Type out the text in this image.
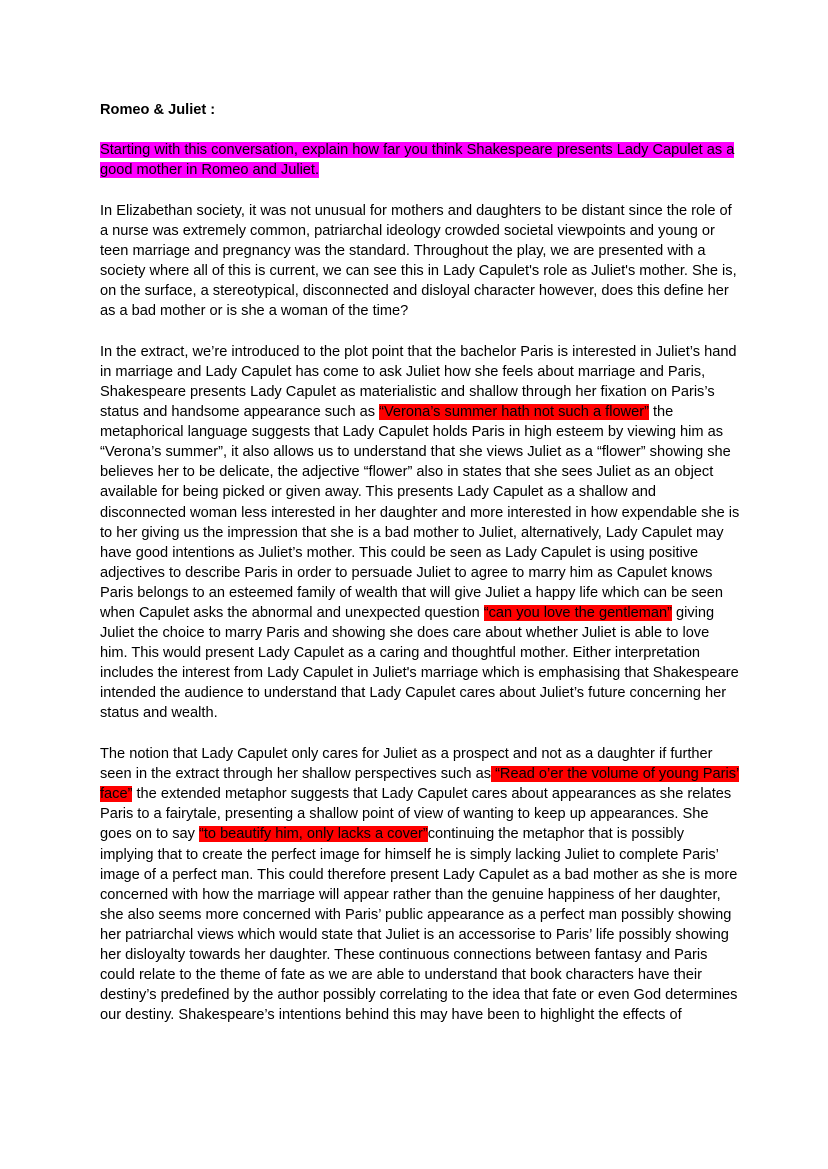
Romeo & Juliet :
Starting with this conversation, explain how far you think Shakespeare presents Lady Capulet as a good mother in Romeo and Juliet.

In Elizabethan society, it was not unusual for mothers and daughters to be distant since the role of a nurse was extremely common, patriarchal ideology crowded societal viewpoints and young or teen marriage and pregnancy was the standard. Throughout the play, we are presented with a society where all of this is current, we can see this in Lady Capulet's role as Juliet's mother. She is, on the surface, a stereotypical, disconnected and disloyal character however, does this define her as a bad mother or is she a woman of the time?

In the extract, we’re introduced to the plot point that the bachelor Paris is interested in Juliet’s hand in marriage and Lady Capulet has come to ask Juliet how she feels about marriage and Paris, Shakespeare presents Lady Capulet as materialistic and shallow through her fixation on Paris’s status and handsome appearance such as “Verona’s summer hath not such a flower” the metaphorical language suggests that Lady Capulet holds Paris in high esteem by viewing him as “Verona’s summer”, it also allows us to understand that she views Juliet as a “flower” showing she believes her to be delicate, the adjective “flower” also in states that she sees Juliet as an object available for being picked or given away. This presents Lady Capulet as a shallow and disconnected woman less interested in her daughter and more interested in how expendable she is to her giving us the impression that she is a bad mother to Juliet, alternatively, Lady Capulet may have good intentions as Juliet’s mother. This could be seen as Lady Capulet is using positive adjectives to describe Paris in order to persuade Juliet to agree to marry him as Capulet knows Paris belongs to an esteemed family of wealth that will give Juliet a happy life which can be seen when Capulet asks the abnormal and unexpected question “can you love the gentleman” giving Juliet the choice to marry Paris and showing she does care about whether Juliet is able to love him. This would present Lady Capulet as a caring and thoughtful mother. Either interpretation includes the interest from Lady Capulet in Juliet's marriage which is emphasising that Shakespeare intended the audience to understand that Lady Capulet cares about Juliet’s future concerning her status and wealth.

The notion that Lady Capulet only cares for Juliet as a prospect and not as a daughter if further seen in the extract through her shallow perspectives such as “Read o’er the volume of young Paris’ face” the extended metaphor suggests that Lady Capulet cares about appearances as she relates Paris to a fairytale, presenting a shallow point of view of wanting to keep up appearances. She goes on to say “to beautify him, only lacks a cover”continuing the metaphor that is possibly implying that to create the perfect image for himself he is simply lacking Juliet to complete Paris’ image of a perfect man. This could therefore present Lady Capulet as a bad mother as she is more concerned with how the marriage will appear rather than the genuine happiness of her daughter, she also seems more concerned with Paris’ public appearance as a perfect man possibly showing her patriarchal views which would state that Juliet is an accessorise to Paris’ life possibly showing her disloyalty towards her daughter. These continuous connections between fantasy and Paris could relate to the theme of fate as we are able to understand that book characters have their destiny’s predefined by the author possibly correlating to the idea that fate or even God determines our destiny. Shakespeare’s intentions behind this may have been to highlight the effects of
